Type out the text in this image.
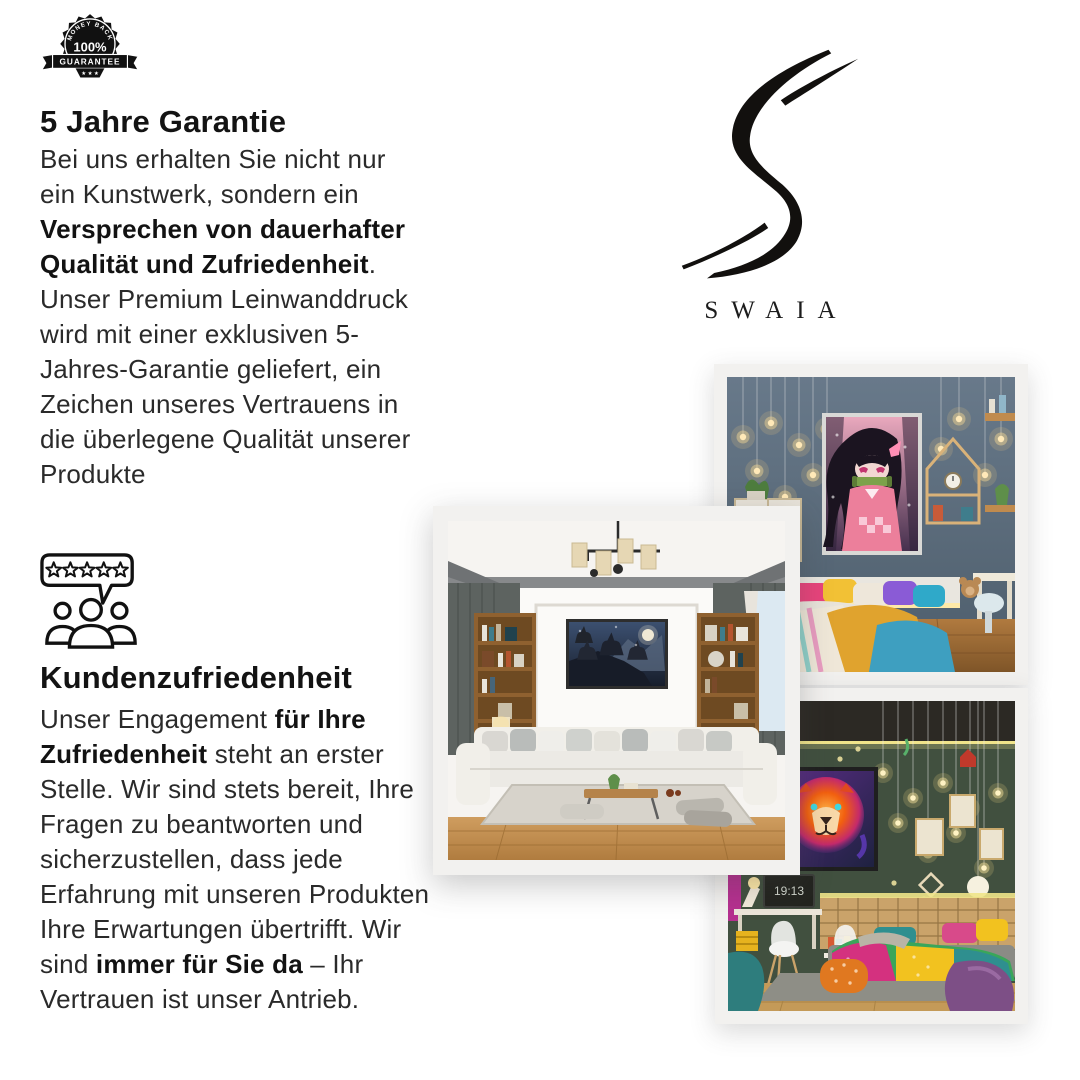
MONEY BACK
100%
GUARANTEE
★ ★ ★
5 Jahre Garantie
Bei uns erhalten Sie nicht nur ein Kunstwerk, sondern ein Versprechen von dauerhafter Qualität und Zufriedenheit. Unser Premium Leinwanddruck wird mit einer exklusiven 5-Jahres-Garantie geliefert, ein Zeichen unseres Vertrauens in die überlegene Qualität unserer Produkte
Kundenzufriedenheit
Unser Engagement für Ihre Zufriedenheit steht an erster Stelle. Wir sind stets bereit, Ihre Fragen zu beantworten und sicherzustellen, dass jede Erfahrung mit unseren Produkten Ihre Erwartungen übertrifft. Wir sind immer für Sie da – Ihr Vertrauen ist unser Antrieb.
SWAIA
19:13
